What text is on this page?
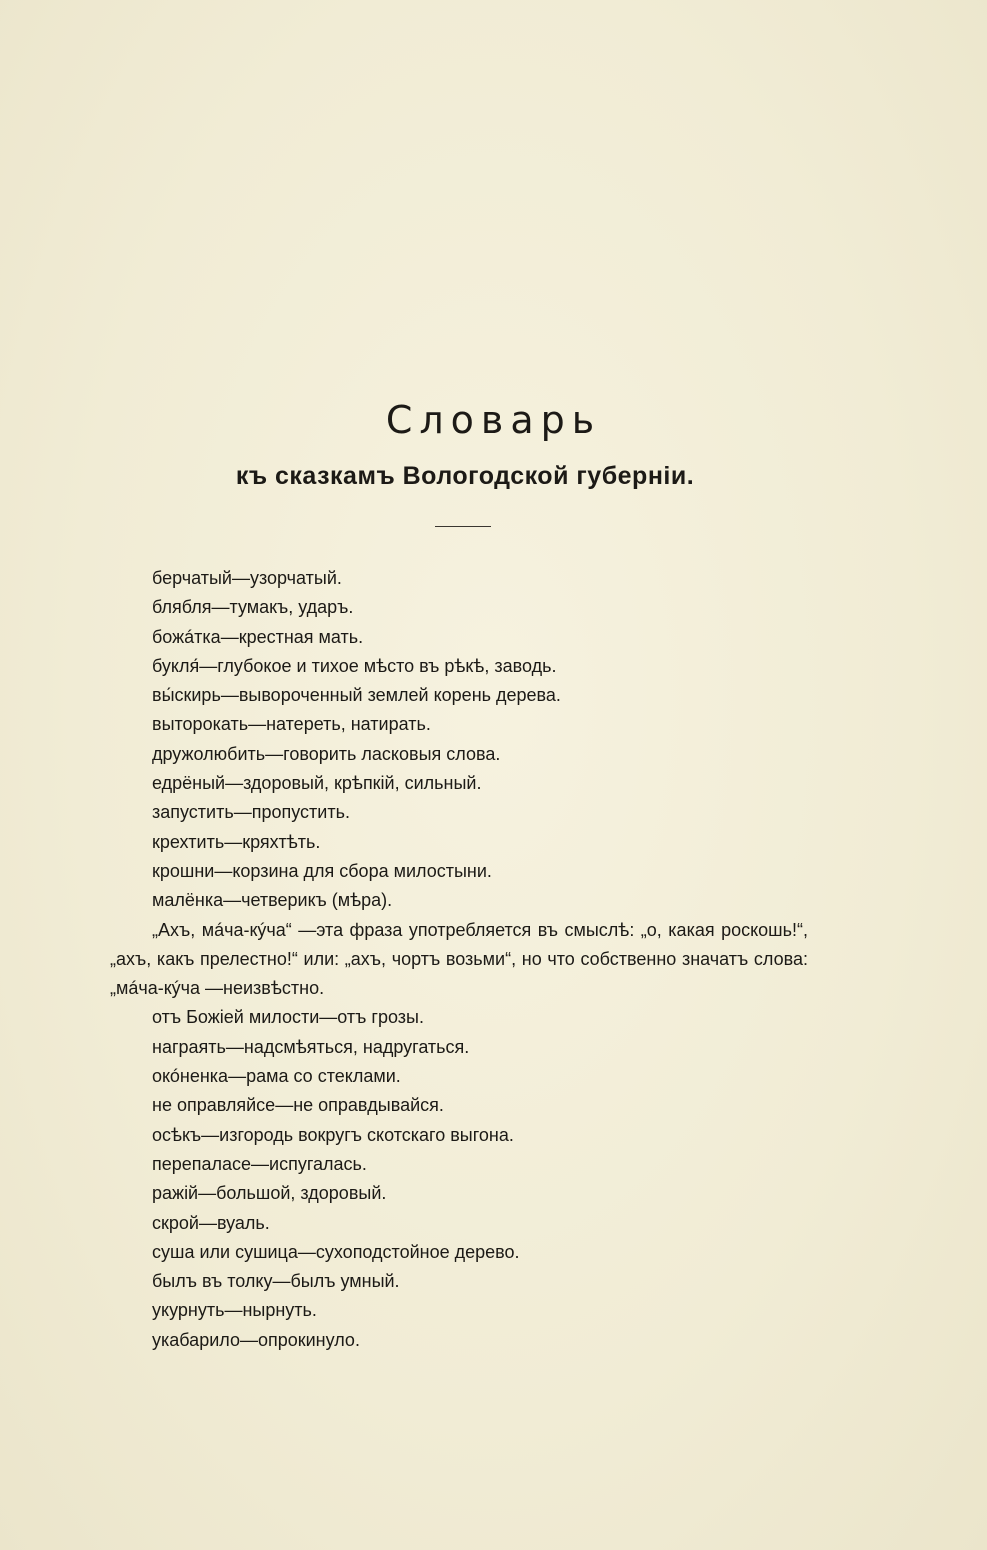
Словарь
къ сказкамъ Вологодской губерніи.
берчатый—узорчатый.
блябля—тумакъ, ударъ.
божáтка—крестная мать.
букля́—глубокое и тихое мѣсто въ рѣкѣ, заводь.
вы́скирь—вывороченный землей корень дерева.
выторокать—натереть, натирать.
дружолюбить—говорить ласковыя слова.
едрёный—здоровый, крѣпкій, сильный.
запустить—пропустить.
крехтить—кряхтѣть.
крошни—корзина для сбора милостыни.
малёнка—четверикъ (мѣра).
„Ахъ, мáча-кýча“ —эта фраза употребляется въ смыслѣ: „о, какая роскошь!“, „ахъ, какъ прелестно!“ или: „ахъ, чортъ возьми“, но что собственно значатъ слова: „мáча-кýча —неизвѣстно.
отъ Божіей милости—отъ грозы.
награять—надсмѣяться, надругаться.
окóненка—рама со стеклами.
не оправляйсе—не оправдывайся.
осѣкъ—изгородь вокругъ скотскаго выгона.
перепаласе—испугалась.
ражій—большой, здоровый.
скрой—вуаль.
суша или сушица—сухоподстойное дерево.
былъ въ толку—былъ умный.
укурнуть—нырнуть.
укабарило—опрокинуло.
